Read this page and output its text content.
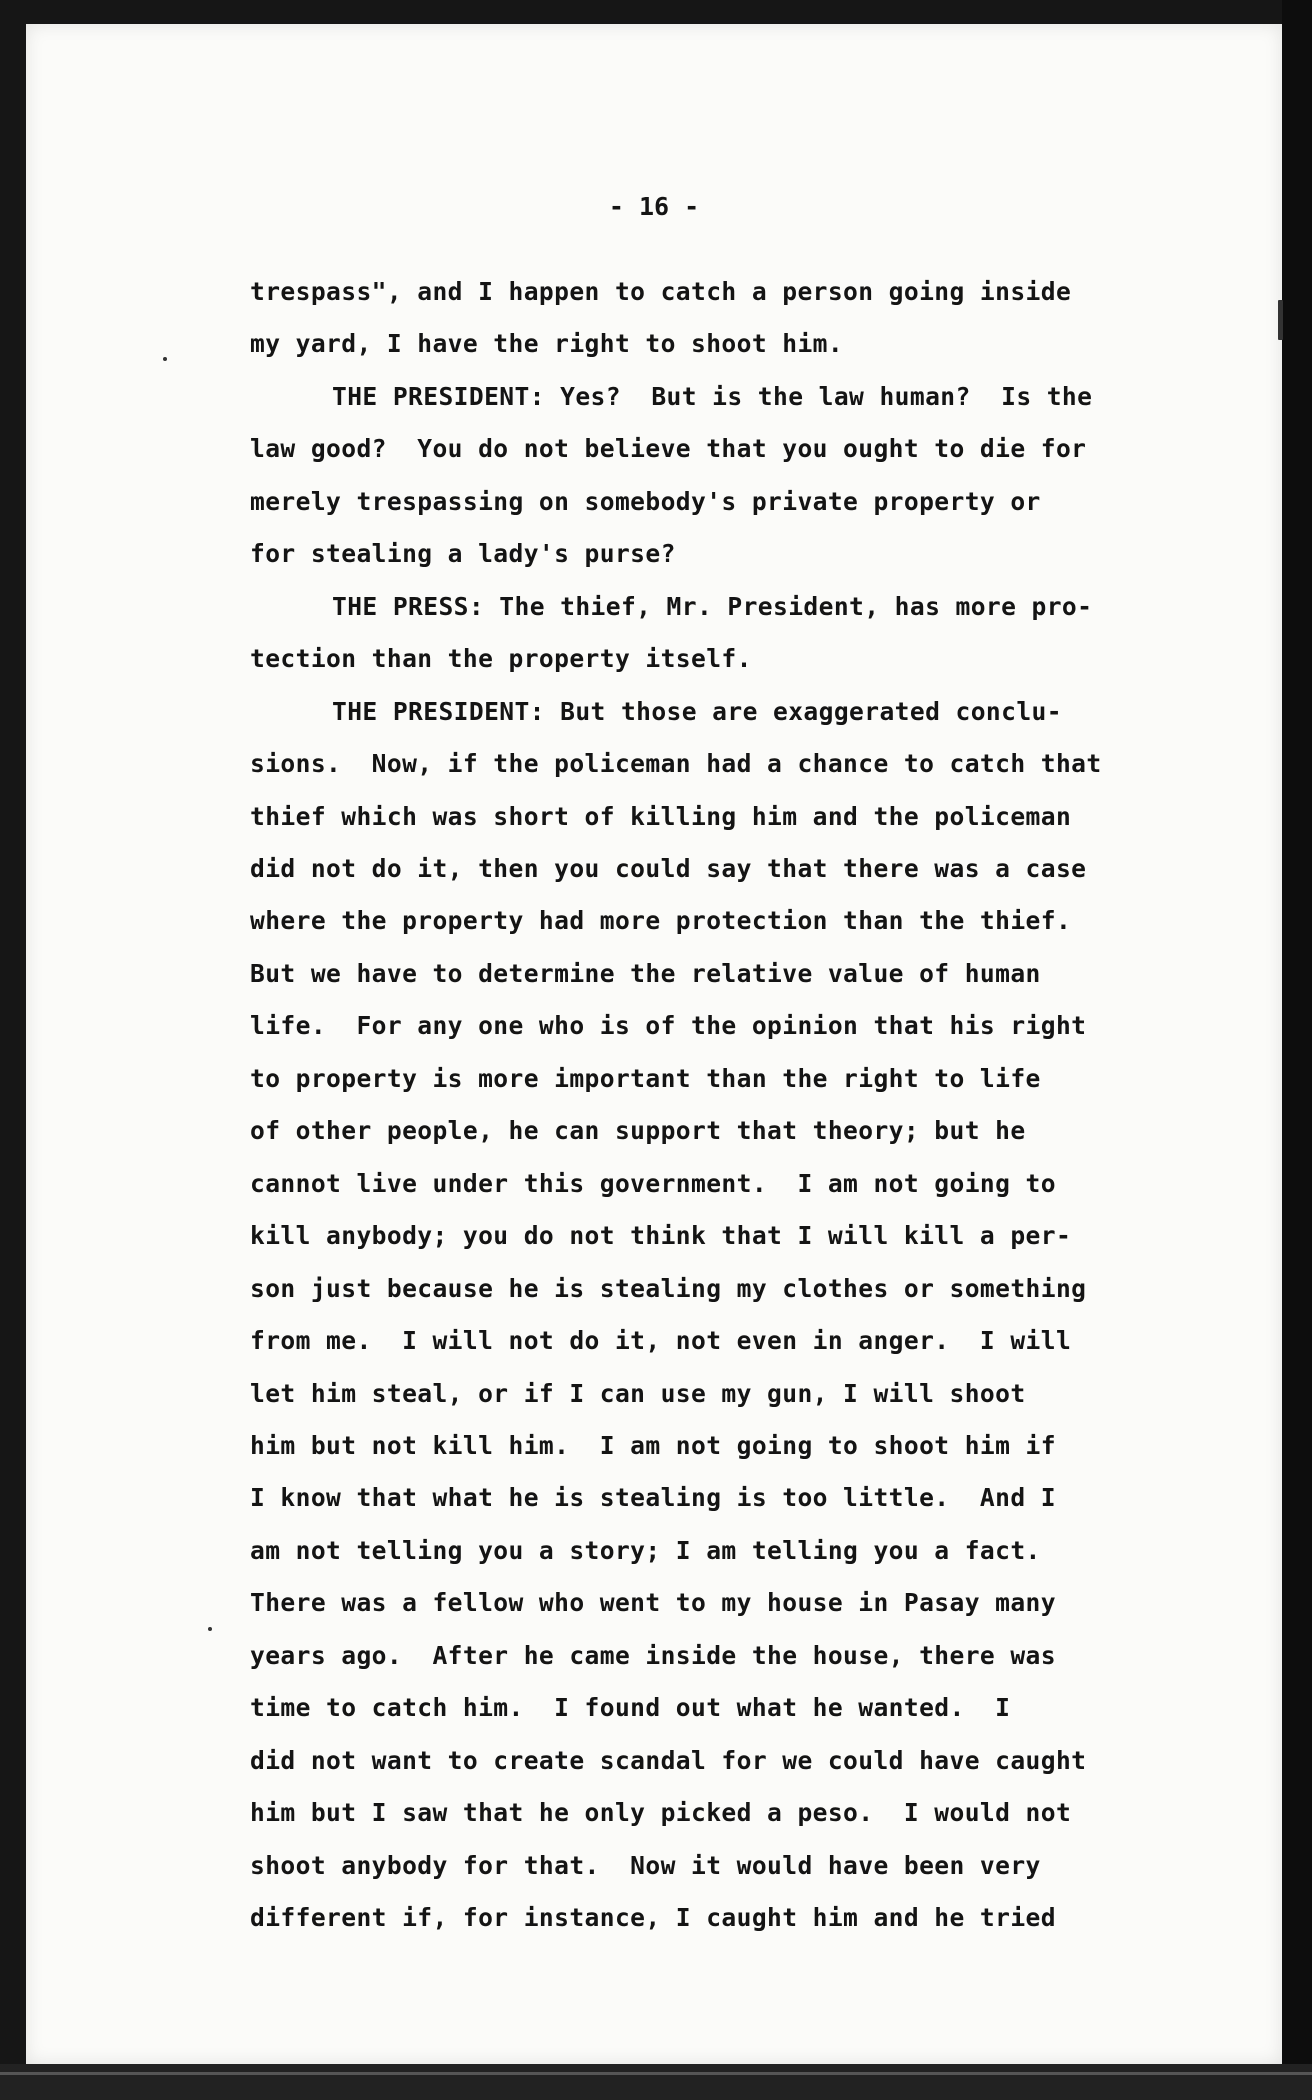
- 16 -
trespass", and I happen to catch a person going inside
my yard, I have the right to shoot him.
THE PRESIDENT: Yes?  But is the law human?  Is the
law good?  You do not believe that you ought to die for
merely trespassing on somebody's private property or
for stealing a lady's purse?
THE PRESS: The thief, Mr. President, has more pro-
tection than the property itself.
THE PRESIDENT: But those are exaggerated conclu-
sions.  Now, if the policeman had a chance to catch that
thief which was short of killing him and the policeman
did not do it, then you could say that there was a case
where the property had more protection than the thief.
But we have to determine the relative value of human
life.  For any one who is of the opinion that his right
to property is more important than the right to life
of other people, he can support that theory; but he
cannot live under this government.  I am not going to
kill anybody; you do not think that I will kill a per-
son just because he is stealing my clothes or something
from me.  I will not do it, not even in anger.  I will
let him steal, or if I can use my gun, I will shoot
him but not kill him.  I am not going to shoot him if
I know that what he is stealing is too little.  And I
am not telling you a story; I am telling you a fact.
There was a fellow who went to my house in Pasay many
years ago.  After he came inside the house, there was
time to catch him.  I found out what he wanted.  I
did not want to create scandal for we could have caught
him but I saw that he only picked a peso.  I would not
shoot anybody for that.  Now it would have been very
different if, for instance, I caught him and he tried
